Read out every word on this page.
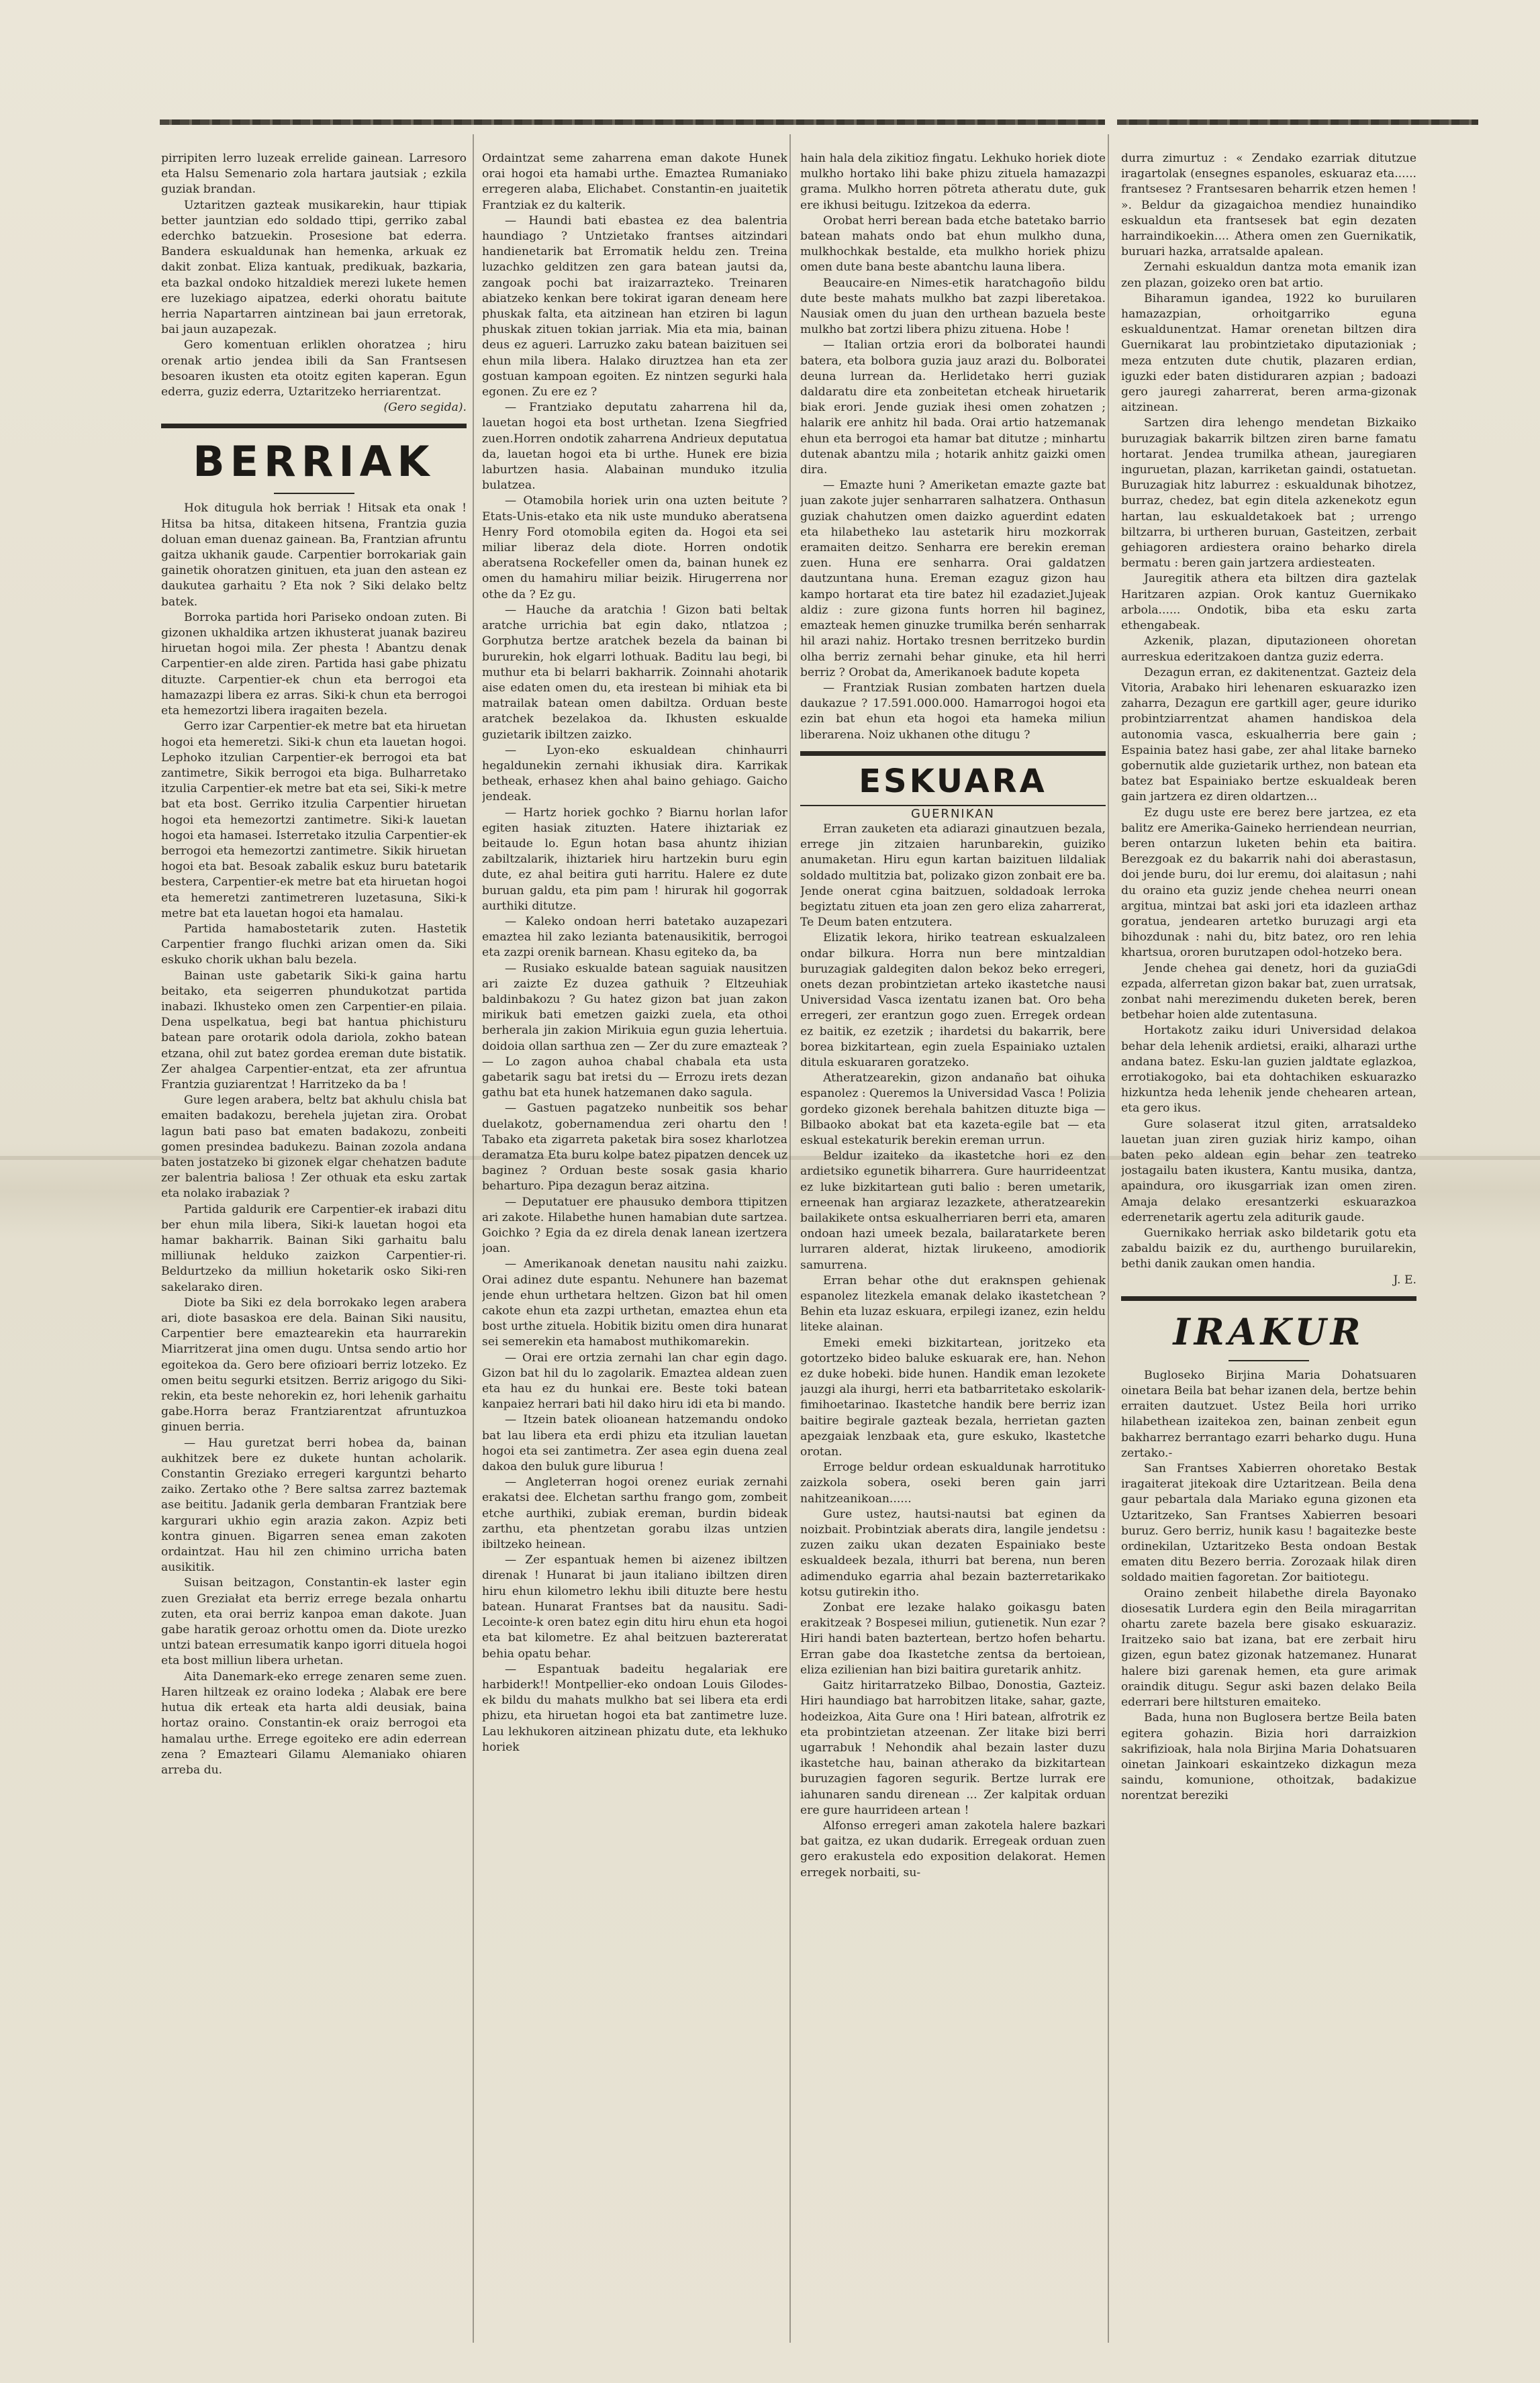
pirripiten lerro luzeak errelide gainean. Larresoro eta Halsu Semenario zola hartara jautsiak ; ezkila guziak brandan.

Uztaritzen gazteak musikarekin, haur ttipiak better jauntzian edo soldado ttipi, gerriko zabal ederchko batzuekin. Prosesione bat ederra. Bandera eskualdunak han hemenka, arkuak ez dakit zonbat. Eliza kantuak, predikuak, bazkaria, eta bazkal ondoko hitzaldiek merezi lukete hemen ere luzekiago aipatzea, ederki ohoratu baitute herria Napartarren aintzinean bai jaun erretorak, bai jaun auzapezak.

Gero komentuan erliklen ohoratzea ; hiru orenak artio jendea ibili da San Frantsesen besoaren ikusten eta otoitz egiten kaperan. Egun ederra, guziz ederra, Uztaritzeko herriarentzat.

(Gero segida).

BERRIAK

Hok ditugula hok berriak ! Hitsak eta onak ! Hitsa ba hitsa, ditakeen hitsena, Frantzia guzia doluan eman duenaz gainean. Ba, Frantzian afruntu gaitza ukhanik gaude. Carpentier borrokariak gain gainetik ohoratzen ginituen, eta juan den astean ez daukutea garhaitu ? Eta nok ? Siki delako beltz batek.

Borroka partida hori Pariseko ondoan zuten. Bi gizonen ukhaldika artzen ikhusterat juanak bazireu hiruetan hogoi mila. Zer phesta ! Abantzu denak Carpentier-en alde ziren. Partida hasi gabe phizatu dituzte. Carpentier-ek chun eta berrogoi eta hamazazpi libera ez arras. Siki-k chun eta berrogoi eta hemezortzi libera iragaiten bezela.

Gerro izar Carpentier-ek metre bat eta hiruetan hogoi eta hemeretzi. Siki-k chun eta lauetan hogoi. Lephoko itzulian Carpentier-ek berrogoi eta bat zantimetre, Sikik berrogoi eta biga. Bulharretako itzulia Carpentier-ek metre bat eta sei, Siki-k metre bat eta bost. Gerriko itzulia Carpentier hiruetan hogoi eta hemezortzi zantimetre. Siki-k lauetan hogoi eta hamasei. Isterretako itzulia Carpentier-ek berrogoi eta hemezortzi zantimetre. Sikik hiruetan hogoi eta bat. Besoak zabalik eskuz buru batetarik bestera, Carpentier-ek metre bat eta hiruetan hogoi eta hemeretzi zantimetreren luzetasuna, Siki-k metre bat eta lauetan hogoi eta hamalau.

Partida hamabostetarik zuten. Hastetik Carpentier frango fluchki arizan omen da. Siki eskuko chorik ukhan balu bezela.

Bainan uste gabetarik Siki-k gaina hartu beitako, eta seigerren phundukotzat partida inabazi. Ikhusteko omen zen Carpentier-en pilaia. Dena uspelkatua, begi bat hantua phichisturu batean pare orotarik odola dariola, zokho batean etzana, ohil zut batez gordea ereman dute bistatik. Zer ahalgea Carpentier-entzat, eta zer afruntua Frantzia guziarentzat ! Harritzeko da ba !

Gure legen arabera, beltz bat akhulu chisla bat emaiten badakozu, berehela jujetan zira. Orobat lagun bati paso bat ematen badakozu, zonbeiti gomen presindea badukezu. Bainan zozola andana baten jostatzeko bi gizonek elgar chehatzen badute zer balentria baliosa ! Zer othuak eta esku zartak eta nolako irabaziak ?

Partida galdurik ere Carpentier-ek irabazi ditu ber ehun mila libera, Siki-k lauetan hogoi eta hamar bakharrik. Bainan Siki garhaitu balu milliunak helduko zaizkon Carpentier-ri. Beldurtzeko da milliun hoketarik osko Siki-ren sakelarako diren.

Diote ba Siki ez dela borrokako legen arabera ari, diote basaskoa ere dela. Bainan Siki nausitu, Carpentier bere emaztearekin eta haurrarekin Miarritzerat jina omen dugu. Untsa sendo artio hor egoitekoa da. Gero bere ofizioari berriz lotzeko. Ez omen beitu segurki etsitzen. Berriz arigogo du Siki-rekin, eta beste nehorekin ez, hori lehenik garhaitu gabe.Horra beraz Frantziarentzat afruntuzkoa ginuen berria.

— Hau guretzat berri hobea da, bainan aukhitzek bere ez dukete huntan acholarik. Constantin Greziako erregeri karguntzi beharto zaiko. Zertako othe ? Bere saltsa zarrez baztemak ase beititu. Jadanik gerla dembaran Frantziak bere kargurari ukhio egin arazia zakon. Azpiz beti kontra ginuen. Bigarren senea eman zakoten ordaintzat. Hau hil zen chimino urricha baten ausikitik.

Suisan beitzagon, Constantin-ek laster egin zuen Greziałat eta berriz errege bezala onhartu zuten, eta orai berriz kanpoa eman dakote. Juan gabe haratik geroaz orhottu omen da. Diote urezko untzi batean erresumatik kanpo igorri dituela hogoi eta bost milliun libera urhetan.

Aita Danemark-eko errege zenaren seme zuen. Haren hiltzeak ez oraino lodeka ; Alabak ere bere hutua dik erteak eta harta aldi deusiak, baina hortaz oraino. Constantin-ek oraiz berrogoi eta hamalau urthe. Errege egoiteko ere adin ederrean zena ? Emazteari Gilamu Alemaniako ohiaren arreba du.

Ordaintzat seme zaharrena eman dakote Hunek orai hogoi eta hamabi urthe. Emaztea Rumaniako erregeren alaba, Elichabet. Constantin-en juaitetik Frantziak ez du kalterik.

— Haundi bati ebastea ez dea balentria haundiago ? Untzietako frantses aitzindari handienetarik bat Erromatik heldu zen. Treina luzachko gelditzen zen gara batean jautsi da, zangoak pochi bat iraizarrazteko. Treinaren abiatzeko kenkan bere tokirat igaran deneam here phuskak falta, eta aitzinean han etziren bi lagun phuskak zituen tokian jarriak. Mia eta mia, bainan deus ez agueri. Larruzko zaku batean baizituen sei ehun mila libera. Halako diruztzea han eta zer gostuan kampoan egoiten. Ez nintzen segurki hala egonen. Zu ere ez ?

— Frantziako deputatu zaharrena hil da, lauetan hogoi eta bost urthetan. Izena Siegfried zuen.Horren ondotik zaharrena Andrieux deputatua da, lauetan hogoi eta bi urthe. Hunek ere bizia laburtzen hasia. Alabainan munduko itzulia bulatzea.

— Otamobila horiek urin ona uzten beitute ? Etats-Unis-etako eta nik uste munduko aberatsena Henry Ford otomobila egiten da. Hogoi eta sei miliar liberaz dela diote. Horren ondotik aberatsena Rockefeller omen da, bainan hunek ez omen du hamahiru miliar beizik. Hirugerrena nor othe da ? Ez gu.

— Hauche da aratchia ! Gizon bati beltak aratche urrichia bat egin dako, ntlatzoa ; Gorphutza bertze aratchek bezela da bainan bi bururekin, hok elgarri lothuak. Baditu lau begi, bi muthur eta bi belarri bakharrik. Zoinnahi ahotarik aise edaten omen du, eta irestean bi mihiak eta bi matrailak batean omen dabiltza. Orduan beste aratchek bezelakoa da. Ikhusten eskualde guzietarik ibiltzen zaizko.

— Lyon-eko eskualdean chinhaurri hegaldunekin zernahi ikhusiak dira. Karrikak betheak, erhasez khen ahal baino gehiago. Gaicho jendeak.

— Hartz horiek gochko ? Biarnu horlan lafor egiten hasiak zituzten. Hatere ihiztariak ez beitaude lo. Egun hotan basa ahuntz ihizian zabiltzalarik, ihiztariek hiru hartzekin buru egin dute, ez ahal beitira guti harritu. Halere ez dute buruan galdu, eta pim pam ! hirurak hil gogorrak aurthiki ditutze.

— Kaleko ondoan herri batetako auzapezari emaztea hil zako lezianta batenausikitik, berrogoi eta zazpi orenik barnean. Khasu egiteko da, ba

— Rusiako eskualde batean saguiak nausitzen ari zaizte Ez duzea gathuik ? Eltzeuhiak baldinbakozu ? Gu hatez gizon bat juan zakon mirikuk bati emetzen gaizki zuela, eta othoi berherala jin zakion Mirikuia egun guzia lehertuia. doidoia ollan sarthua zen — Zer du zure emazteak ? — Lo zagon auhoa chabal chabala eta usta gabetarik sagu bat iretsi du — Errozu irets dezan gathu bat eta hunek hatzemanen dako sagula.

— Gastuen pagatzeko nunbeitik sos behar duelakotz, gobernamendua zeri ohartu den ! Tabako eta zigarreta paketak bira sosez kharlotzea deramatza Eta buru kolpe batez pipatzen dencek uz baginez ? Orduan beste sosak gasia khario beharturo. Pipa dezagun beraz aitzina.

— Deputatuer ere phausuko dembora ttipitzen ari zakote. Hilabethe hunen hamabian dute sartzea. Goichko ? Egia da ez direla denak lanean izertzera joan.

— Amerikanoak denetan nausitu nahi zaizku. Orai adinez dute espantu. Nehunere han bazemat jende ehun urthetara heltzen. Gizon bat hil omen cakote ehun eta zazpi urthetan, emaztea ehun eta bost urthe zituela. Hobitik bizitu omen dira hunarat sei semerekin eta hamabost muthikomarekin.

— Orai ere ortzia zernahi lan char egin dago. Gizon bat hil du lo zagolarik. Emaztea aldean zuen eta hau ez du hunkai ere. Beste toki batean kanpaiez herrari bati hil dako hiru idi eta bi mando.

— Itzein batek olioanean hatzemandu ondoko bat lau libera eta erdi phizu eta itzulian lauetan hogoi eta sei zantimetra. Zer asea egin duena zeal dakoa den buluk gure liburua !

— Angleterran hogoi orenez euriak zernahi erakatsi dee. Elchetan sarthu frango gom, zombeit etche aurthiki, zubiak ereman, burdin bideak zarthu, eta phentzetan gorabu ilzas untzien ibiltzeko heinean.

— Zer espantuak hemen bi aizenez ibiltzen direnak ! Hunarat bi jaun italiano ibiltzen diren hiru ehun kilometro lekhu ibili dituzte bere hestu batean. Hunarat Frantses bat da nausitu. Sadi-Lecointe-k oren batez egin ditu hiru ehun eta hogoi eta bat kilometre. Ez ahal beitzuen baztereratat behia opatu behar.

— Espantuak badeitu hegalariak ere harbiderk!! Montpellier-eko ondoan Louis Gilodes-ek bildu du mahats mulkho bat sei libera eta erdi phizu, eta hiruetan hogoi eta bat zantimetre luze. Lau lekhukoren aitzinean phizatu dute, eta lekhuko horiek

hain hala dela zikitioz fingatu. Lekhuko horiek diote mulkho hortako lihi bake phizu zituela hamazazpi grama. Mulkho horren pötreta atheratu dute, guk ere ikhusi beitugu. Izitzekoa da ederra.

Orobat herri berean bada etche batetako barrio batean mahats ondo bat ehun mulkho duna, mulkhochkak bestalde, eta mulkho horiek phizu omen dute bana beste abantchu launa libera.

Beaucaire-en Nimes-etik haratchagoño bildu dute beste mahats mulkho bat zazpi liberetakoa. Nausiak omen du juan den urthean bazuela beste mulkho bat zortzi libera phizu zituena. Hobe !

— Italian ortzia erori da bolboratei haundi batera, eta bolbora guzia jauz arazi du. Bolboratei deuna lurrean da. Herlidetako herri guziak daldaratu dire eta zonbeitetan etcheak hiruetarik biak erori. Jende guziak ihesi omen zohatzen ; halarik ere anhitz hil bada. Orai artio hatzemanak ehun eta berrogoi eta hamar bat ditutze ; minhartu dutenak abantzu mila ; hotarik anhitz gaizki omen dira.

— Emazte huni ? Ameriketan emazte gazte bat juan zakote jujer senharraren salhatzera. Onthasun guziak chahutzen omen daizko aguerdint edaten eta hilabetheko lau astetarik hiru mozkorrak eramaiten deitzo. Senharra ere berekin ereman zuen. Huna ere senharra. Orai galdatzen dautzuntana huna. Ereman ezaguz gizon hau kampo hortarat eta tire batez hil ezadaziet.Jujeak aldiz : zure gizona funts horren hil baginez, emazteak hemen ginuzke trumilka berén senharrak hil arazi nahiz. Hortako tresnen berritzeko burdin olha berriz zernahi behar ginuke, eta hil herri berriz ? Orobat da, Amerikanoek badute kopeta

— Frantziak Rusian zombaten hartzen duela daukazue ? 17.591.000.000. Hamarrogoi hogoi eta ezin bat ehun eta hogoi eta hameka miliun liberarena. Noiz ukhanen othe ditugu ?

ESKUARA

GUERNIKAN

Erran zauketen eta adiarazi ginautzuen bezala, errege jin zitzaien harunbarekin, guiziko anumaketan. Hiru egun kartan baizituen lildaliak soldado multitzia bat, polizako gizon zonbait ere ba. Jende onerat cgina baitzuen, soldadoak lerroka begiztatu zituen eta joan zen gero eliza zaharrerat, Te Deum baten entzutera.

Elizatik lekora, hiriko teatrean eskualzaleen ondar bilkura. Horra nun bere mintzaldian buruzagiak galdegiten dalon bekoz beko erregeri, onets dezan probintzietan arteko ikastetche nausi Universidad Vasca izentatu izanen bat. Oro beha erregeri, zer erantzun gogo zuen. Erregek ordean ez baitik, ez ezetzik ; ihardetsi du bakarrik, bere borea bizkitartean, egin zuela Espainiako uztalen ditula eskuararen goratzeko.

Atheratzearekin, gizon andanaño bat oihuka espanolez : Queremos la Universidad Vasca ! Polizia gordeko gizonek berehala bahitzen dituzte biga — Bilbaoko abokat bat eta kazeta-egile bat — eta eskual estekaturik berekin ereman urrun.

Beldur izaiteko da ikastetche hori ez den ardietsiko egunetik biharrera. Gure haurrideentzat ez luke bizkitartean guti balio : beren umetarik, erneenak han argiaraz lezazkete, atheratzearekin bailakikete ontsa eskualherriaren berri eta, amaren ondoan hazi umeek bezala, bailaratarkete beren lurraren alderat, hiztak lirukeeno, amodiorik samurrena.

Erran behar othe dut eraknspen gehienak espanolez litezkela emanak delako ikastetchean ? Behin eta luzaz eskuara, erpilegi izanez, ezin heldu liteke alainan.

Emeki emeki bizkitartean, joritzeko eta gotortzeko bideo baluke eskuarak ere, han. Nehon ez duke hobeki. bide hunen. Handik eman lezokete jauzgi ala ihurgi, herri eta batbarritetako eskolarik-fimihoetarinao. Ikastetche handik bere berriz izan baitire begirale gazteak bezala, herrietan gazten apezgaiak lenzbaak eta, gure eskuko, lkastetche orotan.

Erroge beldur ordean eskualdunak harrotituko zaizkola sobera, oseki beren gain jarri nahitzeanikoan......

Gure ustez, hautsi-nautsi bat eginen da noizbait. Probintziak aberats dira, langile jendetsu : zuzen zaiku ukan dezaten Espainiako beste eskualdeek bezala, ithurri bat berena, nun beren adimenduko egarria ahal bezain bazterretarikako kotsu gutirekin itho.

Zonbat ere lezake halako goikasgu baten erakitzeak ? Bospesei miliun, gutienetik. Nun ezar ? Hiri handi baten baztertean, bertzo hofen behartu. Erran gabe doa Ikastetche zentsa da bertoiean, eliza ezilienian han bizi baitira guretarik anhitz.

Gaitz hiritarratzeko Bilbao, Donostia, Gazteiz. Hiri haundiago bat harrobitzen litake, sahar, gazte, hodeizkoa, Aita Gure ona ! Hiri batean, alfrotrik ez eta probintzietan atzeenan. Zer litake bizi berri ugarrabuk ! Nehondik ahal bezain laster duzu ikastetche hau, bainan atherako da bizkitartean buruzagien fagoren segurik. Bertze lurrak ere iahunaren sandu direnean ... Zer kalpitak orduan ere gure haurrideen artean !

Alfonso erregeri aman zakotela halere bazkari bat gaitza, ez ukan dudarik. Erregeak orduan zuen gero erakustela edo exposition delakorat. Hemen erregek norbaiti, su-

durra zimurtuz : « Zendako ezarriak ditutzue iragartolak (ensegnes espanoles, eskuaraz eta...... frantsesez ? Frantsesaren beharrik etzen hemen ! ». Beldur da gizagaichoa mendiez hunaindiko eskualdun eta frantsesek bat egin dezaten harraindikoekin.... Athera omen zen Guernikatik, buruari hazka, arratsalde apalean.

Zernahi eskualdun dantza mota emanik izan zen plazan, goizeko oren bat artio.

Biharamun igandea, 1922 ko buruilaren hamazazpian, orhoitgarriko eguna eskualdunentzat. Hamar orenetan biltzen dira Guernikarat lau probintzietako diputazioniak ; meza entzuten dute chutik, plazaren erdian, iguzki eder baten distiduraren azpian ; badoazi gero jauregi zaharrerat, beren arma-gizonak aitzinean.

Sartzen dira lehengo mendetan Bizkaiko buruzagiak bakarrik biltzen ziren barne famatu hortarat. Jendea trumilka athean, jauregiaren inguruetan, plazan, karriketan gaindi, ostatuetan. Buruzagiak hitz laburrez : eskualdunak bihotzez, burraz, chedez, bat egin ditela azkenekotz egun hartan, lau eskualdetakoek bat ; urrengo biltzarra, bi urtheren buruan, Gasteitzen, zerbait gehiagoren ardiestera oraino beharko direla bermatu : beren gain jartzera ardiesteaten.

Jauregitik athera eta biltzen dira gaztelak Haritzaren azpian. Orok kantuz Guernikako arbola...... Ondotik, biba eta esku zarta ethengabeak.

Azkenik, plazan, diputazioneen ohoretan aurreskua ederitzakoen dantza guziz ederra.

Dezagun erran, ez dakitenentzat. Gazteiz dela Vitoria, Arabako hiri lehenaren eskuarazko izen zaharra, Dezagun ere gartkill ager, geure iduriko probintziarrentzat ahamen handiskoa dela autonomia vasca, eskualherria bere gain ; Espainia batez hasi gabe, zer ahal litake barneko gobernutik alde guzietarik urthez, non batean eta batez bat Espainiako bertze eskualdeak beren gain jartzera ez diren oldartzen...

Ez dugu uste ere berez bere jartzea, ez eta balitz ere Amerika-Gaineko herriendean neurrian, beren ontarzun luketen behin eta baitira. Berezgoak ez du bakarrik nahi doi aberastasun, doi jende buru, doi lur eremu, doi alaitasun ; nahi du oraino eta guziz jende chehea neurri onean argitua, mintzai bat aski jori eta idazleen arthaz goratua, jendearen artetko buruzagi argi eta bihozdunak : nahi du, bitz batez, oro ren lehia khartsua, ororen burutzapen odol-hotzeko bera.

Jende chehea gai denetz, hori da guziaGdi ezpada, alferretan gizon bakar bat, zuen urratsak, zonbat nahi merezimendu duketen berek, beren betbehar hoien alde zutentasuna.

Hortakotz zaiku iduri Universidad delakoa behar dela lehenik ardietsi, eraiki, alharazi urthe andana batez. Esku-lan guzien jaldtate eglazkoa, errotiakogoko, bai eta dohtachiken eskuarazko hizkuntza heda lehenik jende chehearen artean, eta gero ikus.

Gure solaserat itzul giten, arratsaldeko lauetan juan ziren guziak hiriz kampo, oihan baten peko aldean egin behar zen teatreko jostagailu baten ikustera, Kantu musika, dantza, apaindura, oro ikusgarriak izan omen ziren. Amaja delako eresantzerki eskuarazkoa ederrenetarik agertu zela aditurik gaude.

Guernikako herriak asko bildetarik gotu eta zabaldu baizik ez du, aurthengo buruilarekin, bethi danik zaukan omen handia.

J. E.

IRAKUR

Bugloseko Birjina Maria Dohatsuaren oinetara Beila bat behar izanen dela, bertze behin erraiten dautzuet. Ustez Beila hori urriko hilabethean izaitekoa zen, bainan zenbeit egun bakharrez berrantago ezarri beharko dugu. Huna zertako.-

San Frantses Xabierren ohoretako Bestak iragaiterat jitekoak dire Uztaritzean. Beila dena gaur pebartala dala Mariako eguna gizonen eta Uztaritzeko, San Frantses Xabierren besoari buruz. Gero berriz, hunik kasu ! bagaitezke beste ordinekilan, Uztaritzeko Besta ondoan Bestak ematen ditu Bezero berria. Zorozaak hilak diren soldado maitien fagoretan. Zor baitiotegu.

Oraino zenbeit hilabethe direla Bayonako diosesatik Lurdera egin den Beila miragarritan ohartu zarete bazela bere gisako eskuaraziz. Iraitzeko saio bat izana, bat ere zerbait hiru gizen, egun batez gizonak hatzemanez. Hunarat halere bizi garenak hemen, eta gure arimak oraindik ditugu. Segur aski bazen delako Beila ederrari bere hiltsturen emaiteko.

Bada, huna non Buglosera bertze Beila baten egitera gohazin. Bizia hori darraizkion sakrifizioak, hala nola Birjina Maria Dohatsuaren oinetan Jainkoari eskaintzeko dizkagun meza saindu, komunione, othoitzak, badakizue norentzat bereziki
